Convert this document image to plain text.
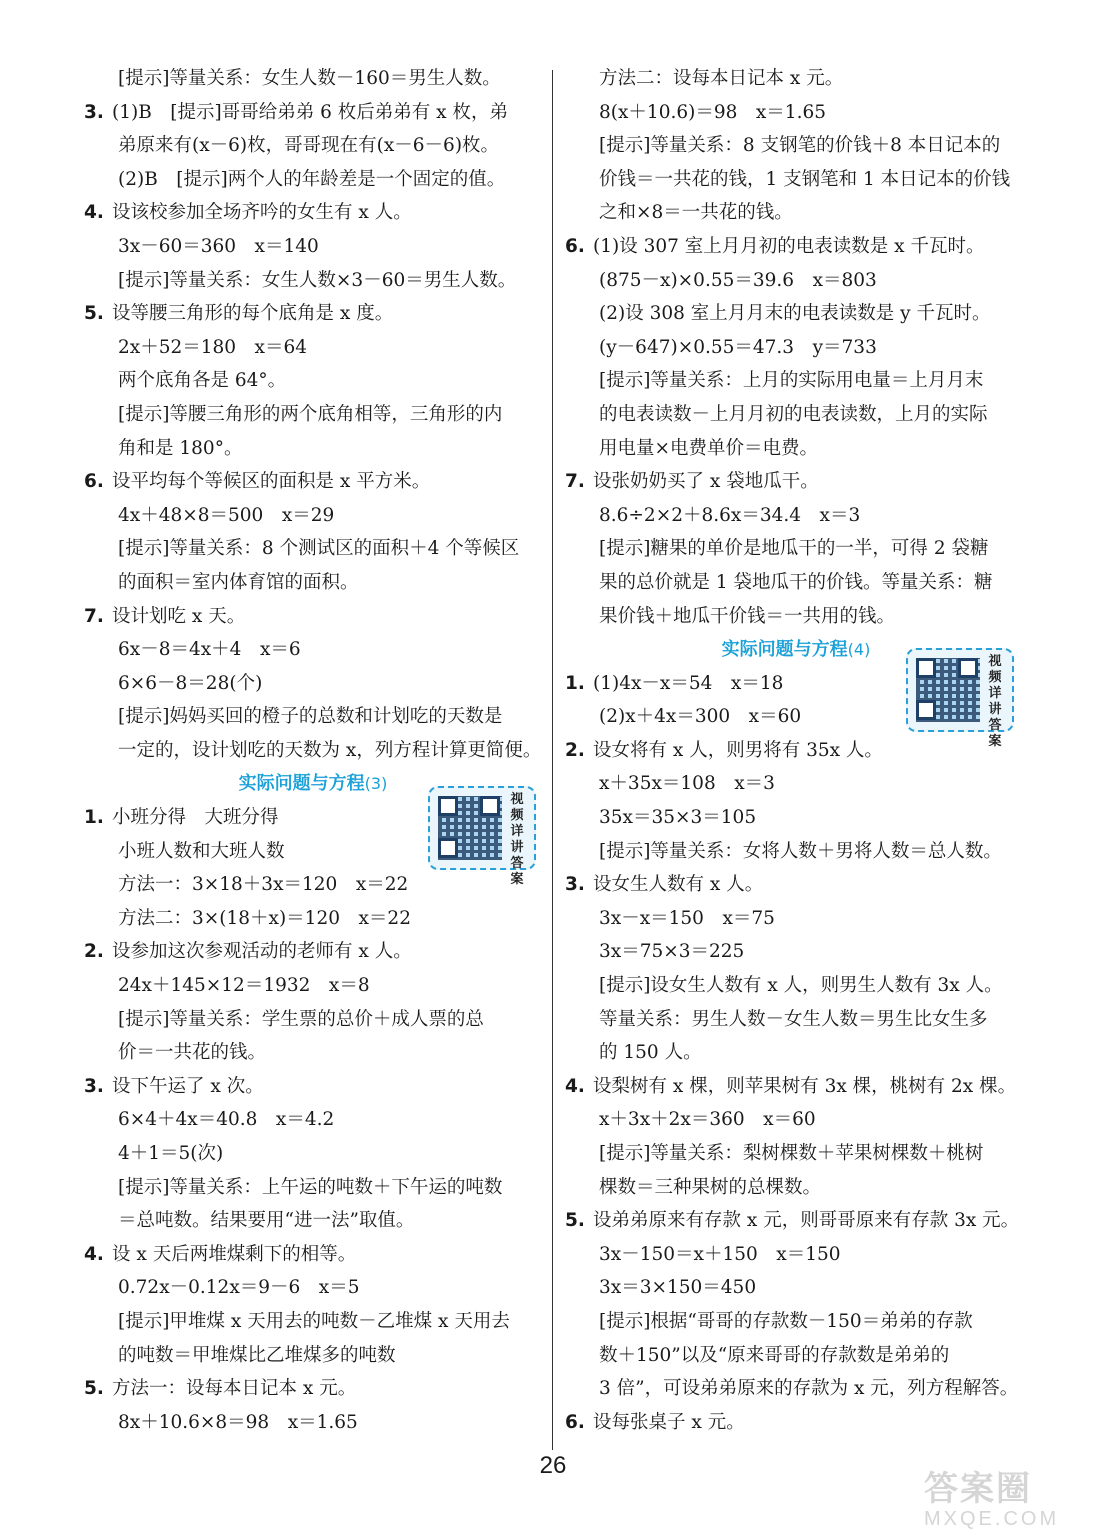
[提示]等量关系：女生人数－160＝男生人数。
3. (1)B　[提示]哥哥给弟弟 6 枚后弟弟有 x 枚，弟
弟原来有(x－6)枚，哥哥现在有(x－6－6)枚。
(2)B　[提示]两个人的年龄差是一个固定的值。
4. 设该校参加全场齐吟的女生有 x 人。
3x－60＝360　x＝140
[提示]等量关系：女生人数×3－60＝男生人数。
5. 设等腰三角形的每个底角是 x 度。
2x＋52＝180　x＝64
两个底角各是 64°。
[提示]等腰三角形的两个底角相等，三角形的内
角和是 180°。
6. 设平均每个等候区的面积是 x 平方米。
4x＋48×8＝500　x＝29
[提示]等量关系：8 个测试区的面积＋4 个等候区
的面积＝室内体育馆的面积。
7. 设计划吃 x 天。
6x－8＝4x＋4　x＝6
6×6－8＝28(个)
[提示]妈妈买回的橙子的总数和计划吃的天数是
一定的，设计划吃的天数为 x，列方程计算更简便。
实际问题与方程(3)
1. 小班分得　大班分得
小班人数和大班人数
方法一：3×18＋3x＝120　x＝22
方法二：3×(18＋x)＝120　x＝22
2. 设参加这次参观活动的老师有 x 人。
24x＋145×12＝1932　x＝8
[提示]等量关系：学生票的总价＋成人票的总
价＝一共花的钱。
3. 设下午运了 x 次。
6×4＋4x＝40.8　x＝4.2
4＋1＝5(次)
[提示]等量关系：上午运的吨数＋下午运的吨数
＝总吨数。结果要用“进一法”取值。
4. 设 x 天后两堆煤剩下的相等。
0.72x－0.12x＝9－6　x＝5
[提示]甲堆煤 x 天用去的吨数－乙堆煤 x 天用去
的吨数＝甲堆煤比乙堆煤多的吨数
5. 方法一：设每本日记本 x 元。
8x＋10.6×8＝98　x＝1.65
方法二：设每本日记本 x 元。
8(x＋10.6)＝98　x＝1.65
[提示]等量关系：8 支钢笔的价钱＋8 本日记本的
价钱＝一共花的钱，1 支钢笔和 1 本日记本的价钱
之和×8＝一共花的钱。
6. (1)设 307 室上月月初的电表读数是 x 千瓦时。
(875－x)×0.55＝39.6　x＝803
(2)设 308 室上月月末的电表读数是 y 千瓦时。
(y－647)×0.55＝47.3　y＝733
[提示]等量关系：上月的实际用电量＝上月月末
的电表读数－上月月初的电表读数，上月的实际
用电量×电费单价＝电费。
7. 设张奶奶买了 x 袋地瓜干。
8.6÷2×2＋8.6x＝34.4　x＝3
[提示]糖果的单价是地瓜干的一半，可得 2 袋糖
果的总价就是 1 袋地瓜干的价钱。等量关系：糖
果价钱＋地瓜干价钱＝一共用的钱。
实际问题与方程(4)
1. (1)4x－x＝54　x＝18
(2)x＋4x＝300　x＝60
2. 设女将有 x 人，则男将有 35x 人。
x＋35x＝108　x＝3
35x＝35×3＝105
[提示]等量关系：女将人数＋男将人数＝总人数。
3. 设女生人数有 x 人。
3x－x＝150　x＝75
3x＝75×3＝225
[提示]设女生人数有 x 人，则男生人数有 3x 人。
等量关系：男生人数－女生人数＝男生比女生多
的 150 人。
4. 设梨树有 x 棵，则苹果树有 3x 棵，桃树有 2x 棵。
x＋3x＋2x＝360　x＝60
[提示]等量关系：梨树棵数＋苹果树棵数＋桃树
棵数＝三种果树的总棵数。
5. 设弟弟原来有存款 x 元，则哥哥原来有存款 3x 元。
3x－150＝x＋150　x＝150
3x＝3×150＝450
[提示]根据“哥哥的存款数－150＝弟弟的存款
数＋150”以及“原来哥哥的存款数是弟弟的
3 倍”，可设弟弟原来的存款为 x 元，列方程解答。
6. 设每张桌子 x 元。
视频详讲答案
视频详讲答案
26
答案圈
MXQE.COM
